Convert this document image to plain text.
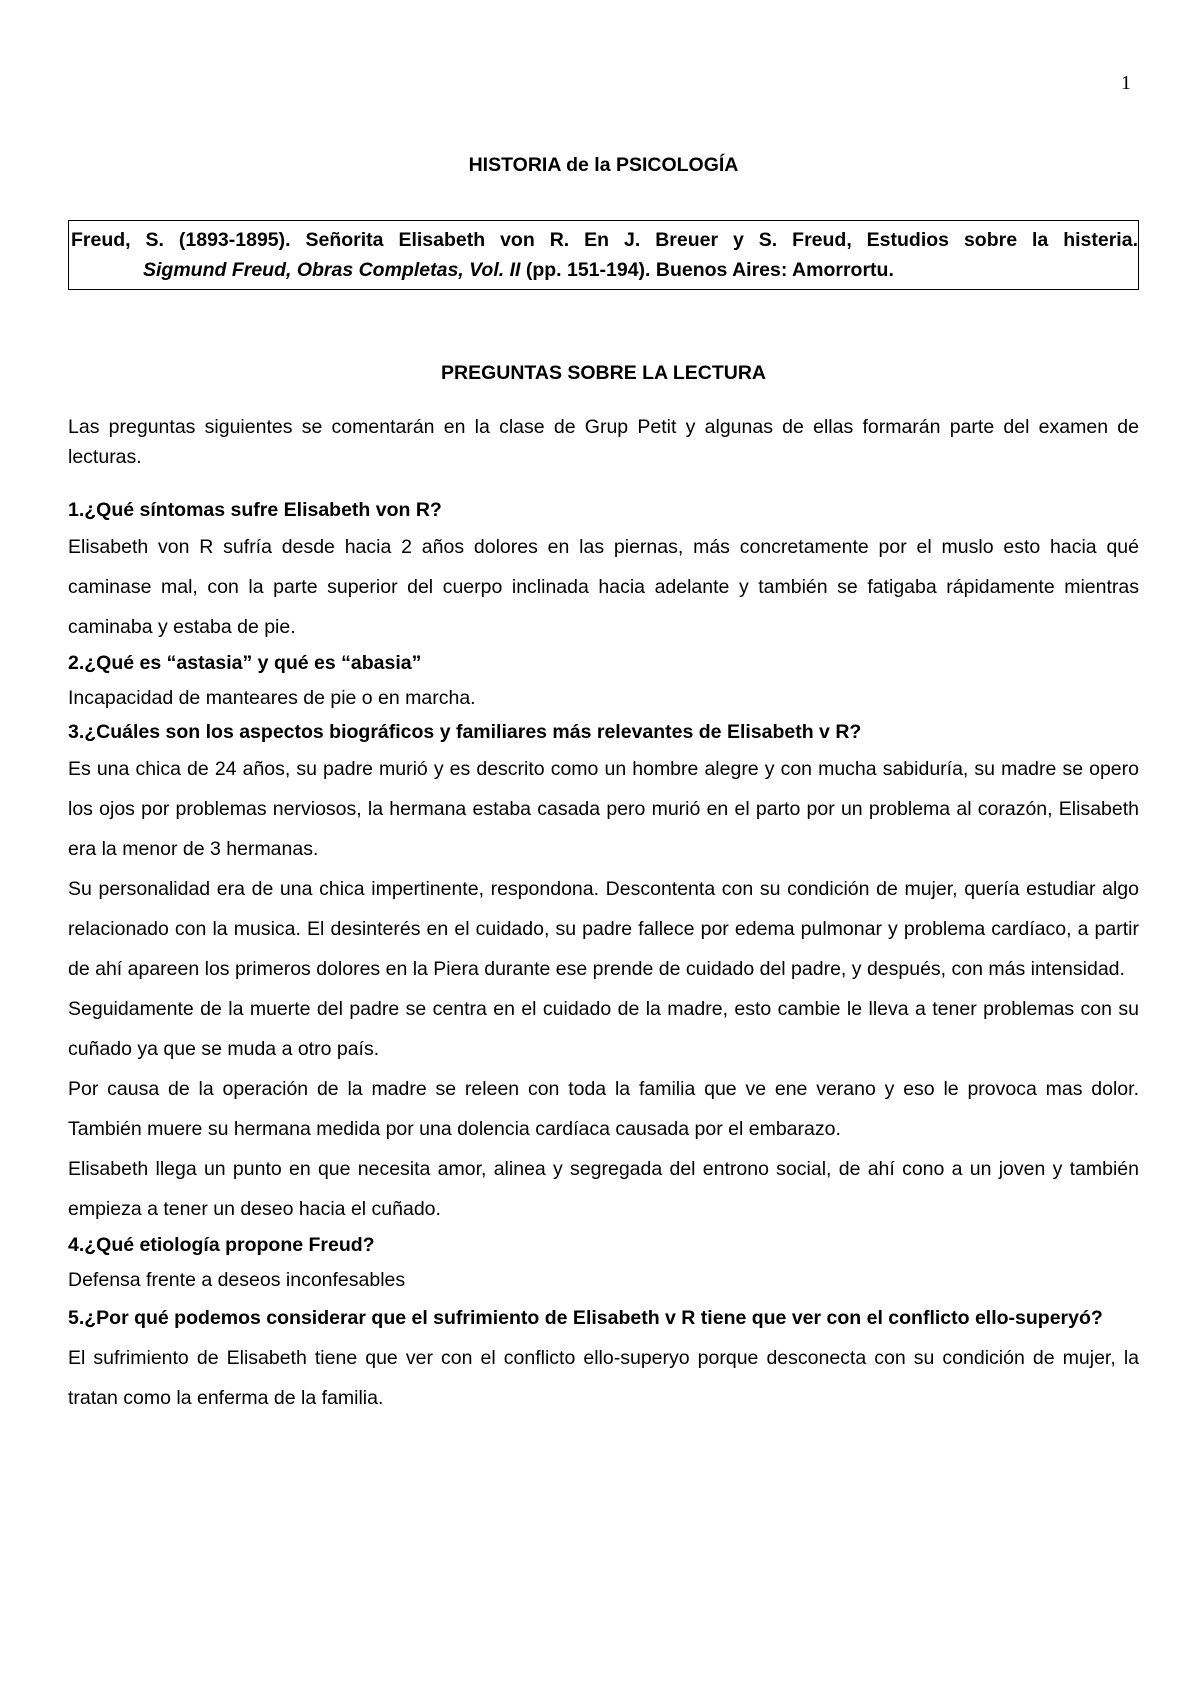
1
HISTORIA de la PSICOLOGÍA
Freud, S. (1893-1895). Señorita Elisabeth von R. En J. Breuer y S. Freud, Estudios sobre la histeria.
Sigmund Freud, Obras Completas, Vol. II (pp. 151-194). Buenos Aires: Amorrortu.
PREGUNTAS SOBRE LA LECTURA
Las preguntas siguientes se comentarán en la clase de Grup Petit y algunas de ellas formarán parte del examen de lecturas.
1.¿Qué síntomas sufre Elisabeth von R?
Elisabeth von R sufría desde hacia 2 años dolores en las piernas, más concretamente por el muslo esto hacia qué caminase mal, con la parte superior del cuerpo inclinada hacia adelante y también se fatigaba rápidamente mientras caminaba y estaba de pie.
2.¿Qué es “astasia” y qué es “abasia”
Incapacidad de manteares de pie o en marcha.
3.¿Cuáles son los aspectos biográficos y familiares más relevantes de Elisabeth v R?
Es una chica de 24 años, su padre murió y es descrito como un hombre alegre y con mucha sabiduría, su madre se opero los ojos por problemas nerviosos, la hermana estaba casada pero murió en el parto por un problema al corazón, Elisabeth era la menor de 3 hermanas.
Su personalidad era de una chica impertinente, respondona. Descontenta con su condición de mujer, quería estudiar algo relacionado con la musica. El desinterés en el cuidado, su padre fallece por edema pulmonar y problema cardíaco, a partir de ahí apareen los primeros dolores en la Piera durante ese prende de cuidado del padre, y después, con más intensidad.
Seguidamente de la muerte del padre se centra en el cuidado de la madre, esto cambie le lleva a tener problemas con su cuñado ya que se muda a otro país.
Por causa de la operación de la madre se releen con toda la familia que ve ene verano y eso le provoca mas dolor. También muere su hermana medida por una dolencia cardíaca causada por el embarazo.
Elisabeth llega un punto en que necesita amor, alinea y segregada del entrono social, de ahí cono a un joven y también empieza a tener un deseo hacia el cuñado.
4.¿Qué etiología propone Freud?
Defensa frente a deseos inconfesables
5.¿Por qué podemos considerar que el sufrimiento de Elisabeth v R tiene que ver con el conflicto ello-superyó?
El sufrimiento de Elisabeth tiene que ver con el conflicto ello-superyo porque desconecta con su condición de mujer, la tratan como la enferma de la familia.
